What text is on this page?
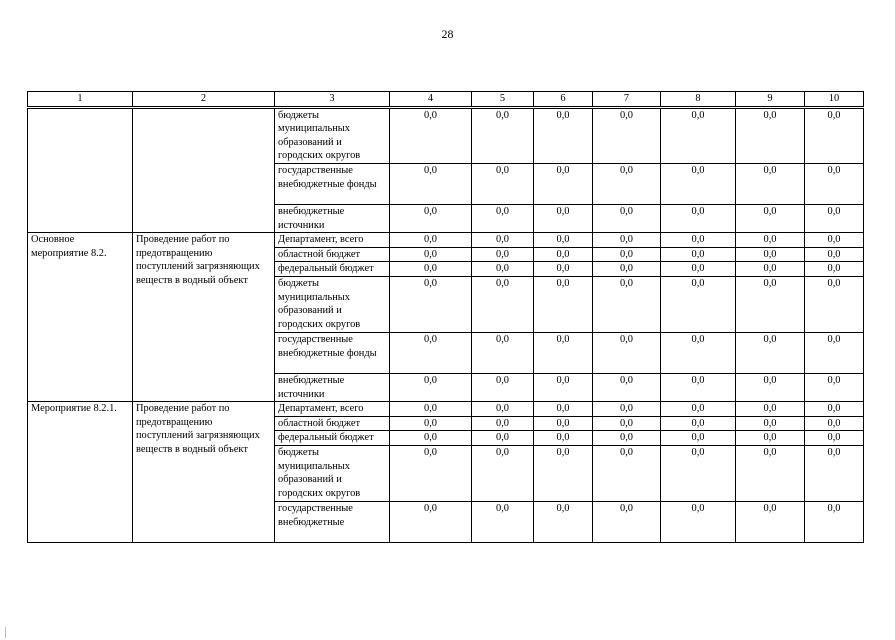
28
1	2	3	4	5	6	7	8	9	10
		бюджеты муниципальных образований и городских округов	0,0	0,0	0,0	0,0	0,0	0,0	0,0
		государственные внебюджетные фонды	0,0	0,0	0,0	0,0	0,0	0,0	0,0
		внебюджетные источники	0,0	0,0	0,0	0,0	0,0	0,0	0,0
Основное мероприятие 8.2.	Проведение работ по предотвращению поступлений загрязняющих веществ в водный объект	Департамент, всего	0,0	0,0	0,0	0,0	0,0	0,0	0,0
		областной бюджет	0,0	0,0	0,0	0,0	0,0	0,0	0,0
		федеральный бюджет	0,0	0,0	0,0	0,0	0,0	0,0	0,0
		бюджеты муниципальных образований и городских округов	0,0	0,0	0,0	0,0	0,0	0,0	0,0
		государственные внебюджетные фонды	0,0	0,0	0,0	0,0	0,0	0,0	0,0
		внебюджетные источники	0,0	0,0	0,0	0,0	0,0	0,0	0,0
Мероприятие 8.2.1.	Проведение работ по предотвращению поступлений загрязняющих веществ в водный объект	Департамент, всего	0,0	0,0	0,0	0,0	0,0	0,0	0,0
		областной бюджет	0,0	0,0	0,0	0,0	0,0	0,0	0,0
		федеральный бюджет	0,0	0,0	0,0	0,0	0,0	0,0	0,0
		бюджеты муниципальных образований и городских округов	0,0	0,0	0,0	0,0	0,0	0,0	0,0
		государственные внебюджетные	0,0	0,0	0,0	0,0	0,0	0,0	0,0
